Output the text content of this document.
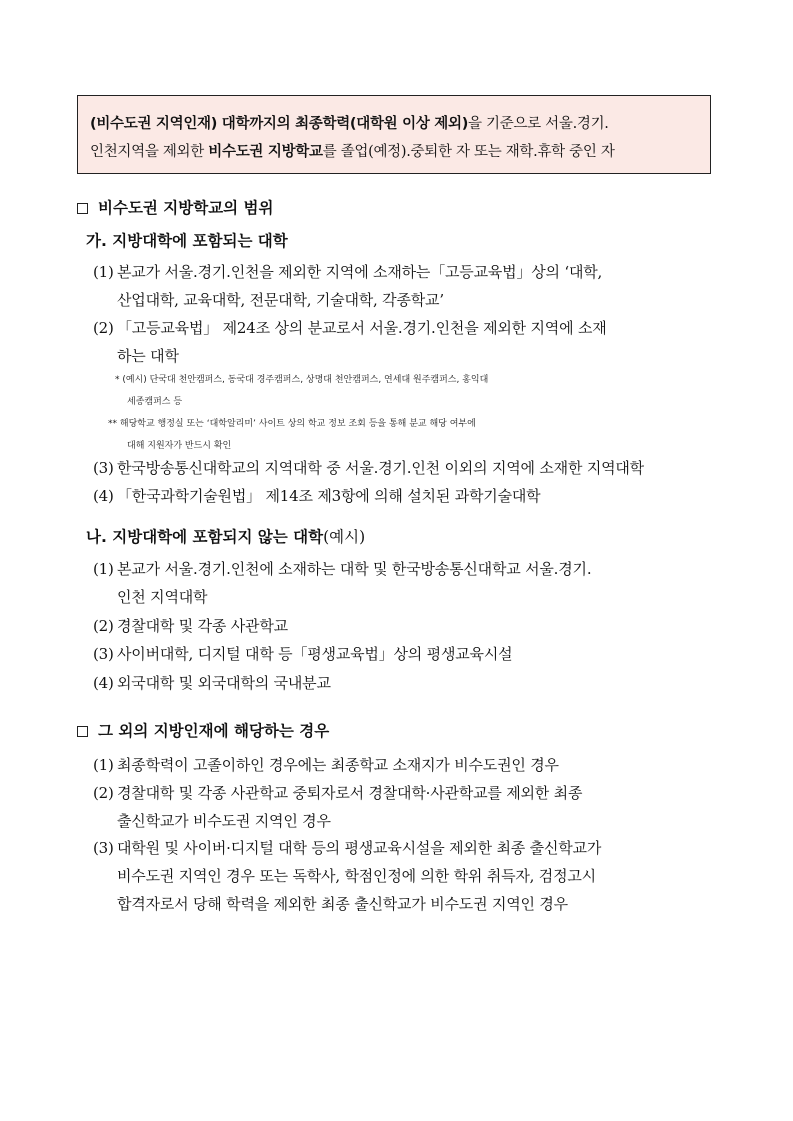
(비수도권 지역인재) 대학까지의 최종학력(대학원 이상 제외)을 기준으로 서울.경기.
인천지역을 제외한 비수도권 지방학교를 졸업(예정).중퇴한 자 또는 재학.휴학 중인 자
비수도권 지방학교의 범위
가. 지방대학에 포함되는 대학
(1) 본교가 서울.경기.인천을 제외한 지역에 소재하는「고등교육법」상의 ‘대학,
산업대학, 교육대학, 전문대학, 기술대학, 각종학교’
(2) 「고등교육법」 제24조 상의 분교로서 서울.경기.인천을 제외한 지역에 소재
하는 대학
* (예시) 단국대 천안캠퍼스, 동국대 경주캠퍼스, 상명대 천안캠퍼스, 연세대 원주캠퍼스, 홍익대
세종캠퍼스 등
** 해당학교 행정실 또는 ‘대학알리미’ 사이트 상의 학교 정보 조회 등을 통해 분교 해당 여부에
대해 지원자가 반드시 확인
(3) 한국방송통신대학교의 지역대학 중 서울.경기.인천 이외의 지역에 소재한 지역대학
(4) 「한국과학기술원법」 제14조 제3항에 의해 설치된 과학기술대학
나. 지방대학에 포함되지 않는 대학(예시)
(1) 본교가 서울.경기.인천에 소재하는 대학 및 한국방송통신대학교 서울.경기.
인천 지역대학
(2) 경찰대학 및 각종 사관학교
(3) 사이버대학, 디지털 대학 등「평생교육법」상의 평생교육시설
(4) 외국대학 및 외국대학의 국내분교
그 외의 지방인재에 해당하는 경우
(1) 최종학력이 고졸이하인 경우에는 최종학교 소재지가 비수도권인 경우
(2) 경찰대학 및 각종 사관학교 중퇴자로서 경찰대학·사관학교를 제외한 최종
출신학교가 비수도권 지역인 경우
(3) 대학원 및 사이버·디지털 대학 등의 평생교육시설을 제외한 최종 출신학교가
비수도권 지역인 경우 또는 독학사, 학점인정에 의한 학위 취득자, 검정고시
합격자로서 당해 학력을 제외한 최종 출신학교가 비수도권 지역인 경우
